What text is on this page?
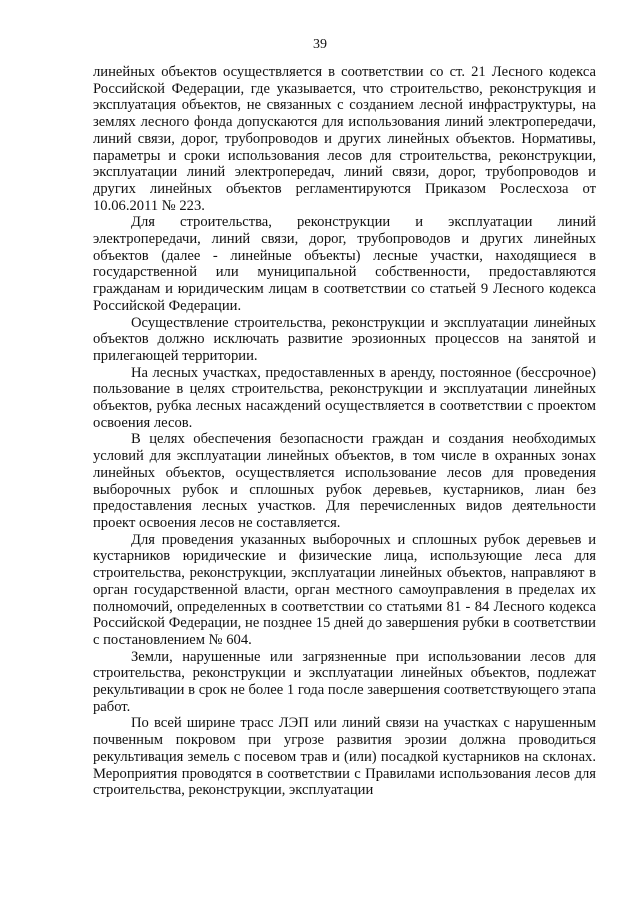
39

линейных объектов осуществляется в соответствии со ст. 21 Лесного кодекса Российской Федерации, где указывается, что строительство, реконструкция и эксплуатация объектов, не связанных с созданием лесной инфраструктуры, на землях лесного фонда допускаются для использования линий электропередачи, линий связи, дорог, трубопроводов и других линейных объектов. Нормативы, параметры и сроки использования лесов для строительства, реконструкции, эксплуатации линий электропередач, линий связи, дорог, трубопроводов и других линейных объектов регламентируются Приказом Рослесхоза от 10.06.2011 № 223.

Для строительства, реконструкции и эксплуатации линий электропередачи, линий связи, дорог, трубопроводов и других линейных объектов (далее - линейные объекты) лесные участки, находящиеся в государственной или муниципальной собственности, предоставляются гражданам и юридическим лицам в соответствии со статьей 9 Лесного кодекса Российской Федерации.

Осуществление строительства, реконструкции и эксплуатации линейных объектов должно исключать развитие эрозионных процессов на занятой и прилегающей территории.

На лесных участках, предоставленных в аренду, постоянное (бессрочное) пользование в целях строительства, реконструкции и эксплуатации линейных объектов, рубка лесных насаждений осуществляется в соответствии с проектом освоения лесов.

В целях обеспечения безопасности граждан и создания необходимых условий для эксплуатации линейных объектов, в том числе в охранных зонах линейных объектов, осуществляется использование лесов для проведения выборочных рубок и сплошных рубок деревьев, кустарников, лиан без предоставления лесных участков. Для перечисленных видов деятельности проект освоения лесов не составляется.

Для проведения указанных выборочных и сплошных рубок деревьев и кустарников юридические и физические лица, использующие леса для строительства, реконструкции, эксплуатации линейных объектов, направляют в орган государственной власти, орган местного самоуправления в пределах их полномочий, определенных в соответствии со статьями 81 - 84 Лесного кодекса Российской Федерации, не позднее 15 дней до завершения рубки в соответствии с постановлением № 604.

Земли, нарушенные или загрязненные при использовании лесов для строительства, реконструкции и эксплуатации линейных объектов, подлежат рекультивации в срок не более 1 года после завершения соответствующего этапа работ.

По всей ширине трасс ЛЭП или линий связи на участках с нарушенным почвенным покровом при угрозе развития эрозии должна проводиться рекультивация земель с посевом трав и (или) посадкой кустарников на склонах. Мероприятия проводятся в соответствии с Правилами использования лесов для строительства, реконструкции, эксплуатации
